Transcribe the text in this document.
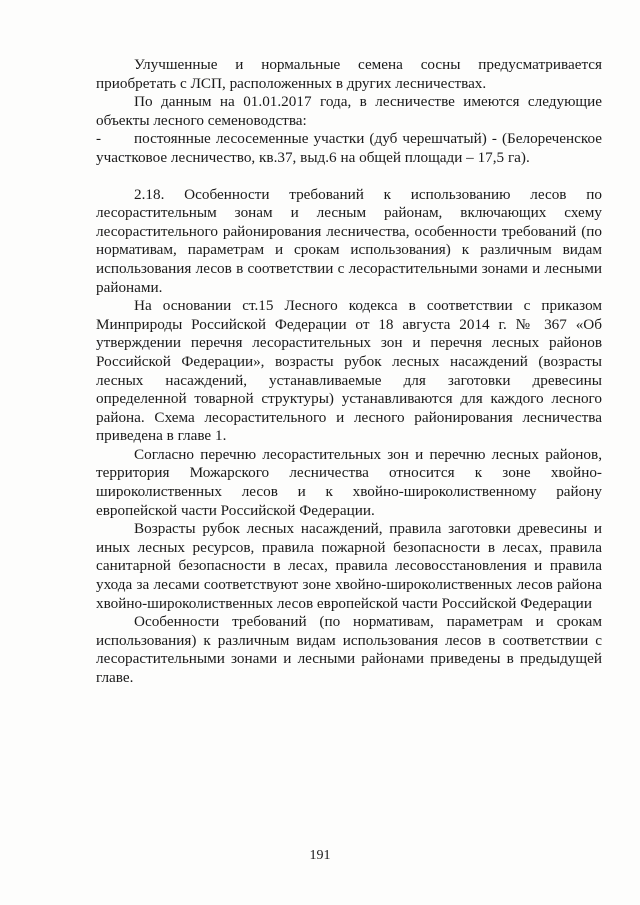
Улучшенные и нормальные семена сосны предусматривается приобретать с ЛСП, расположенных в других лесничествах.

По данным на 01.01.2017 года, в лесничестве имеются следующие объекты лесного семеноводства:

- постоянные лесосеменные участки (дуб черешчатый) - (Белореченское участковое лесничество, кв.37, выд.6 на общей площади – 17,5 га).

2.18. Особенности требований к использованию лесов по лесорастительным зонам и лесным районам, включающих схему лесорастительного районирования лесничества, особенности требований (по нормативам, параметрам и срокам использования) к различным видам использования лесов в соответствии с лесорастительными зонами и лесными районами.

На основании ст.15 Лесного кодекса в соответствии с приказом Минприроды Российской Федерации от 18 августа 2014 г. № 367 «Об утверждении перечня лесорастительных зон и перечня лесных районов Российской Федерации», возрасты рубок лесных насаждений (возрасты лесных насаждений, устанавливаемые для заготовки древесины определенной товарной структуры) устанавливаются для каждого лесного района. Схема лесорастительного и лесного районирования лесничества приведена в главе 1.

Согласно перечню лесорастительных зон и перечню лесных районов, территория Можарского лесничества относится к зоне хвойно-широколиственных лесов и к хвойно-широколиственному району европейской части Российской Федерации.

Возрасты рубок лесных насаждений, правила заготовки древесины и иных лесных ресурсов, правила пожарной безопасности в лесах, правила санитарной безопасности в лесах, правила лесовосстановления и правила ухода за лесами соответствуют зоне хвойно-широколиственных лесов района хвойно-широколиственных лесов европейской части Российской Федерации

Особенности требований (по нормативам, параметрам и срокам использования) к различным видам использования лесов в соответствии с лесорастительными зонами и лесными районами приведены в предыдущей главе.

191
